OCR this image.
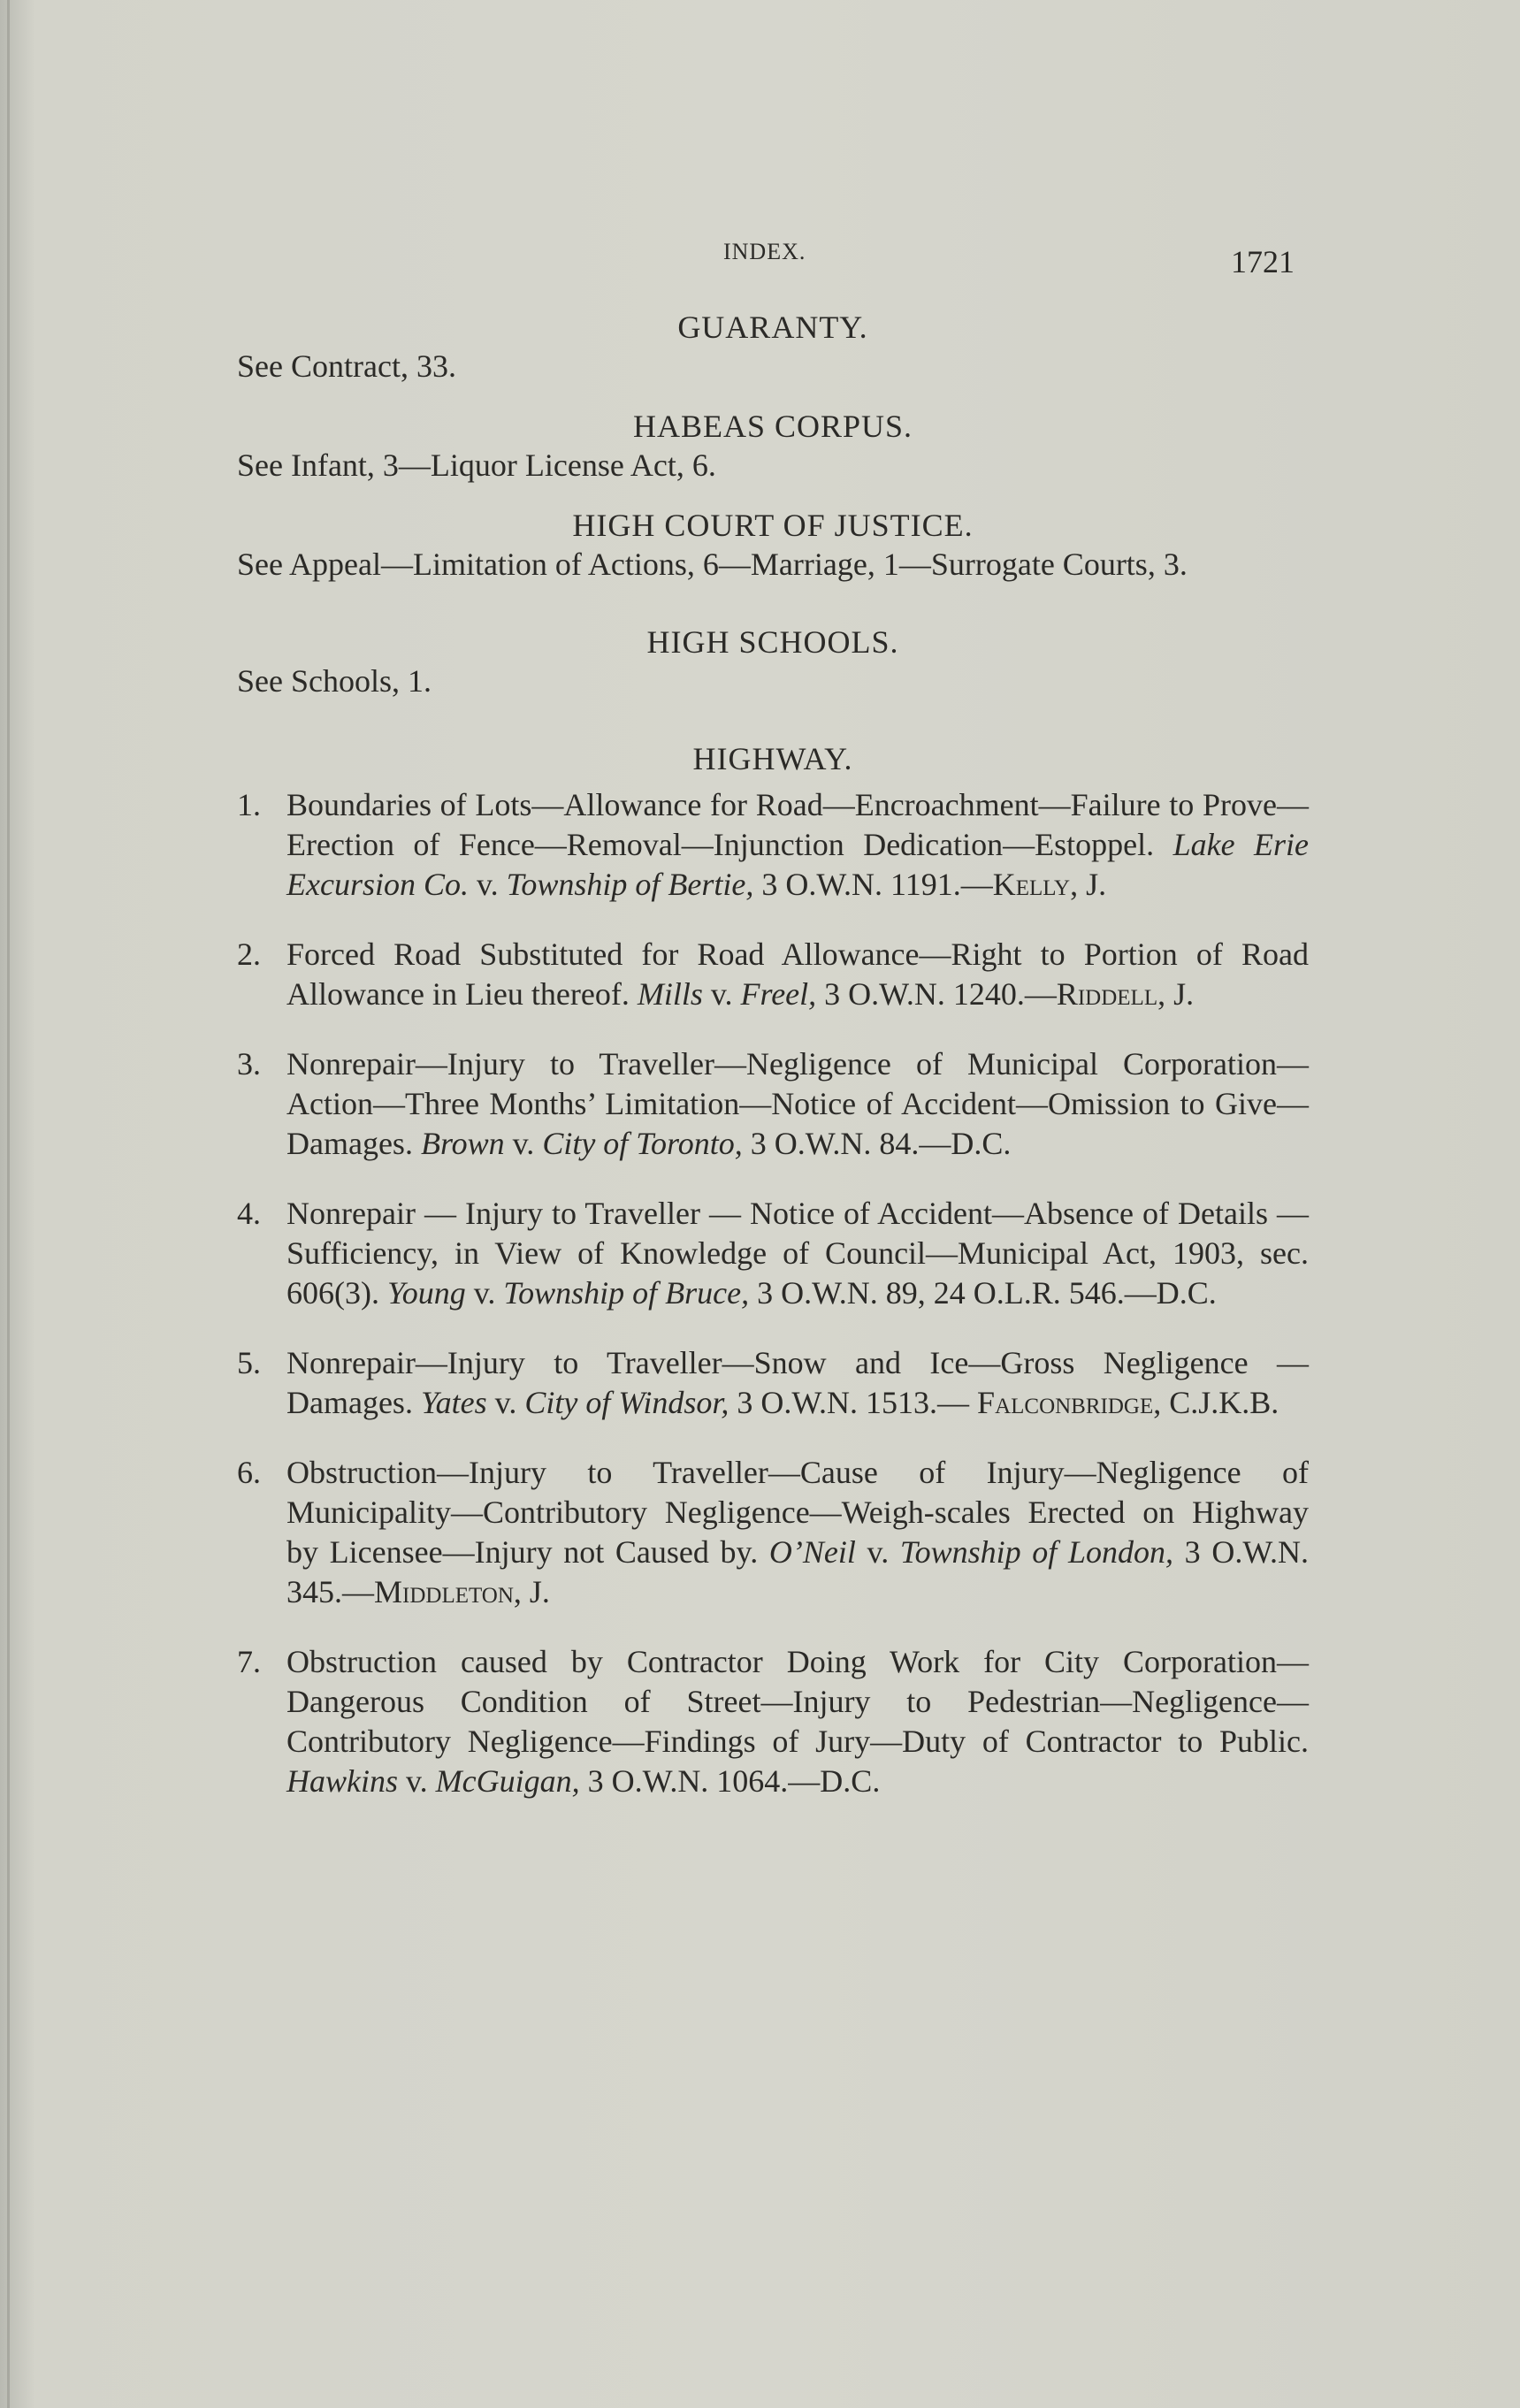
INDEX.	1721
GUARANTY.
See Contract, 33.
HABEAS CORPUS.
See Infant, 3—Liquor License Act, 6.
HIGH COURT OF JUSTICE.
See Appeal—Limitation of Actions, 6—Marriage, 1—Surrogate Courts, 3.
HIGH SCHOOLS.
See Schools, 1.
HIGHWAY.
1. Boundaries of Lots—Allowance for Road—Encroachment—Failure to Prove—Erection of Fence—Removal—Injunction Dedication—Estoppel. Lake Erie Excursion Co. v. Township of Bertie, 3 O.W.N. 1191.—Kelly, J.
2. Forced Road Substituted for Road Allowance—Right to Portion of Road Allowance in Lieu thereof. Mills v. Freel, 3 O.W.N. 1240.—Riddell, J.
3. Nonrepair—Injury to Traveller—Negligence of Municipal Corporation—Action—Three Months’ Limitation—Notice of Accident—Omission to Give—Damages. Brown v. City of Toronto, 3 O.W.N. 84.—D.C.
4. Nonrepair — Injury to Traveller — Notice of Accident—Absence of Details — Sufficiency, in View of Knowledge of Council—Municipal Act, 1903, sec. 606(3). Young v. Township of Bruce, 3 O.W.N. 89, 24 O.L.R. 546.—D.C.
5. Nonrepair—Injury to Traveller—Snow and Ice—Gross Negligence — Damages. Yates v. City of Windsor, 3 O.W.N. 1513.— Falconbridge, C.J.K.B.
6. Obstruction—Injury to Traveller—Cause of Injury—Negligence of Municipality—Contributory Negligence—Weigh-scales Erected on Highway by Licensee—Injury not Caused by. O’Neil v. Township of London, 3 O.W.N. 345.—Middleton, J.
7. Obstruction caused by Contractor Doing Work for City Corporation—Dangerous Condition of Street—Injury to Pedestrian—Negligence—Contributory Negligence—Findings of Jury—Duty of Contractor to Public. Hawkins v. McGuigan, 3 O.W.N. 1064.—D.C.
